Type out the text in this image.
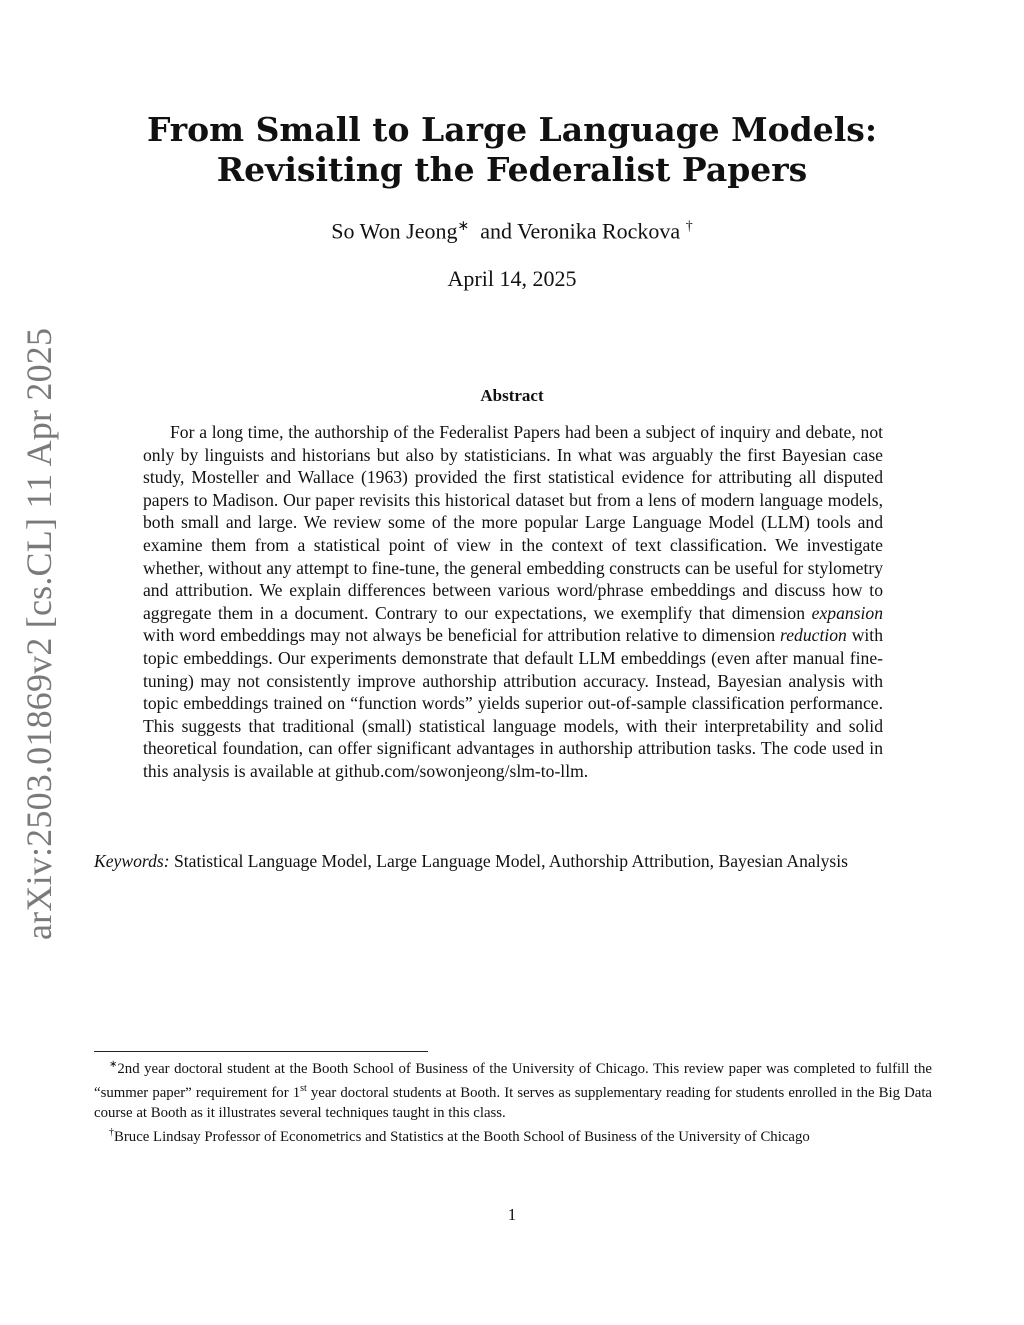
arXiv:2503.01869v2 [cs.CL] 11 Apr 2025
From Small to Large Language Models:
Revisiting the Federalist Papers
So Won Jeong∗ and Veronika Rockova †
April 14, 2025
Abstract

For a long time, the authorship of the Federalist Papers had been a subject of inquiry and debate, not only by linguists and historians but also by statisticians. In what was arguably the first Bayesian case study, Mosteller and Wallace (1963) provided the first statistical evidence for attributing all disputed papers to Madison. Our paper revisits this historical dataset but from a lens of modern language models, both small and large. We review some of the more popular Large Language Model (LLM) tools and examine them from a statistical point of view in the context of text classification. We investigate whether, without any attempt to fine-tune, the general embedding constructs can be useful for stylometry and attribution. We explain differences between various word/phrase embeddings and discuss how to aggregate them in a document. Contrary to our expectations, we exemplify that dimension expansion with word embeddings may not always be beneficial for attribution relative to dimension reduction with topic embeddings. Our experiments demonstrate that default LLM embeddings (even after manual fine-tuning) may not consistently improve authorship attribution accuracy. Instead, Bayesian analysis with topic embeddings trained on “function words” yields superior out-of-sample classification performance. This suggests that traditional (small) statistical language models, with their interpretability and solid theoretical foundation, can offer significant advantages in authorship attribution tasks. The code used in this analysis is available at github.com/sowonjeong/slm-to-llm.

Keywords: Statistical Language Model, Large Language Model, Authorship Attribution, Bayesian Analysis

∗2nd year doctoral student at the Booth School of Business of the University of Chicago. This review paper was completed to fulfill the “summer paper” requirement for 1st year doctoral students at Booth. It serves as supplementary reading for students enrolled in the Big Data course at Booth as it illustrates several techniques taught in this class.

†Bruce Lindsay Professor of Econometrics and Statistics at the Booth School of Business of the University of Chicago

1
